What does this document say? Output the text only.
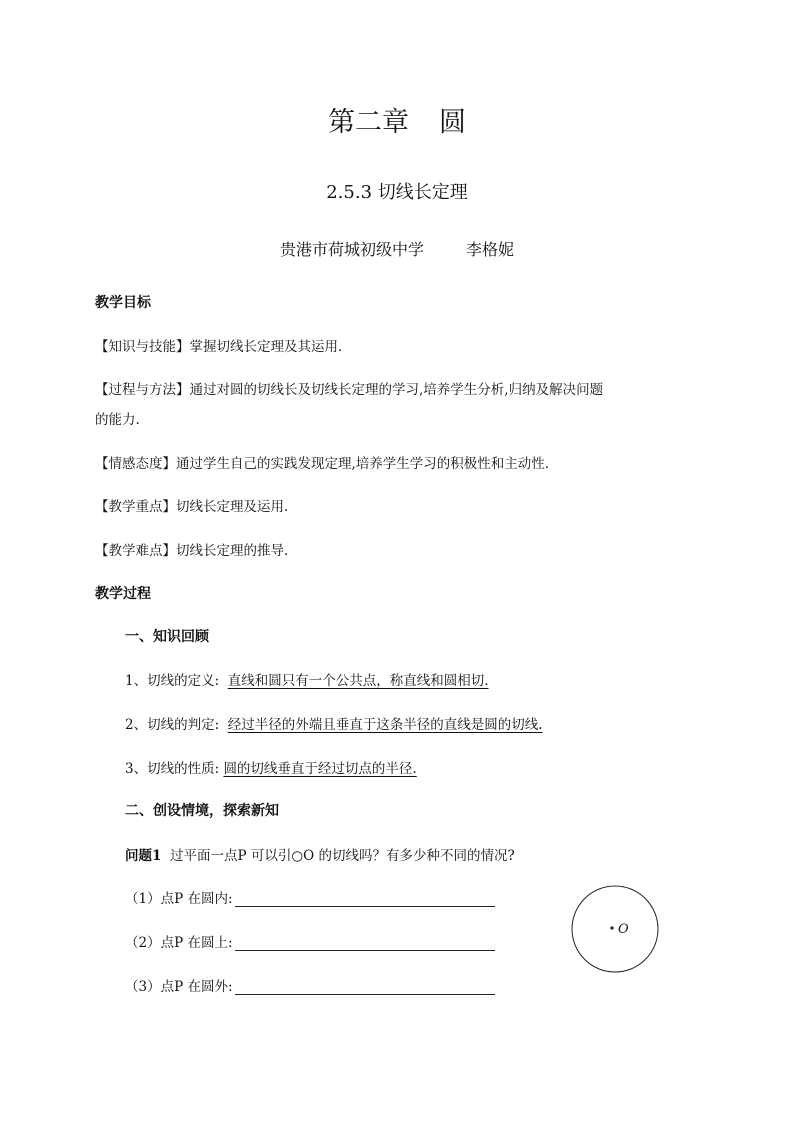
第二章 圆
2.5.3 切线长定理
贵港市荷城初级中学	李格妮
教学目标
【知识与技能】掌握切线长定理及其运用.
【过程与方法】通过对圆的切线长及切线长定理的学习,培养学生分析,归纳及解决问题
的能力.
【情感态度】通过学生自己的实践发现定理,培养学生学习的积极性和主动性.
【教学重点】切线长定理及运用.
【教学难点】切线长定理的推导.
教学过程
一、知识回顾
1、切线的定义: 直线和圆只有一个公共点，称直线和圆相切.
2、切线的判定: 经过半径的外端且垂直于这条半径的直线是圆的切线.
3、切线的性质: 圆的切线垂直于经过切点的半径.
二、创设情境，探索新知
问题1 过平面一点P 可以引○O 的切线吗？有多少种不同的情况?
（1）点P 在圆内:
（2）点P 在圆上:
（3）点P 在圆外:
O
